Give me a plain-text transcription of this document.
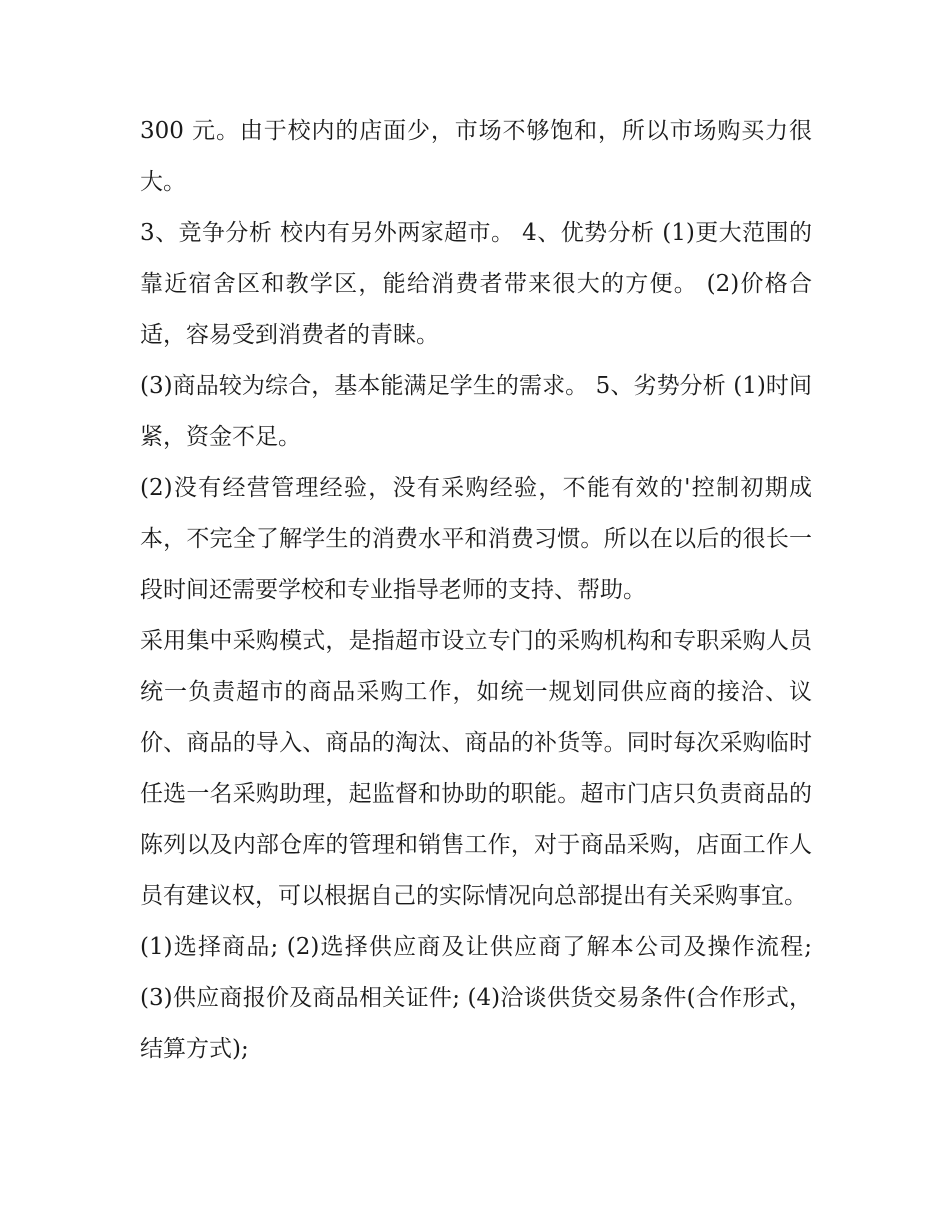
300 元。由于校内的店面少，市场不够饱和，所以市场购买力很大。

3、竞争分析 校内有另外两家超市。 4、优势分析 (1)更大范围的靠近宿舍区和教学区，能给消费者带来很大的方便。 (2)价格合适，容易受到消费者的青睐。

(3)商品较为综合，基本能满足学生的需求。 5、劣势分析 (1)时间紧，资金不足。

(2)没有经营管理经验，没有采购经验，不能有效的'控制初期成本，不完全了解学生的消费水平和消费习惯。所以在以后的很长一段时间还需要学校和专业指导老师的支持、帮助。

采用集中采购模式，是指超市设立专门的采购机构和专职采购人员统一负责超市的商品采购工作，如统一规划同供应商的接洽、议价、商品的导入、商品的淘汰、商品的补货等。同时每次采购临时任选一名采购助理，起监督和协助的职能。超市门店只负责商品的陈列以及内部仓库的管理和销售工作，对于商品采购，店面工作人员有建议权，可以根据自己的实际情况向总部提出有关采购事宜。

(1)选择商品; (2)选择供应商及让供应商了解本公司及操作流程; (3)供应商报价及商品相关证件; (4)洽谈供货交易条件(合作形式，结算方式);
